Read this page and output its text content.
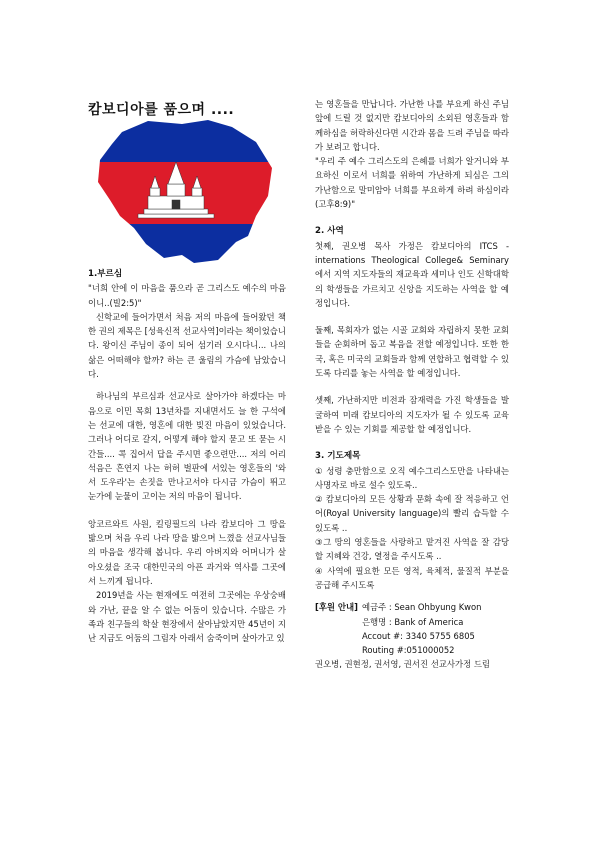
캄보디아를 품으며 ....

1.부르심

"너희 안에 이 마음을 품으라 곧 그리스도 예수의 마음이니..(빌2:5)"

신학교에 들어가면서 처음 저의 마음에 들어왔던 책 한 권의 제목은 [성육신적 선교사역]이라는 책이었습니다. 왕이신 주님이 종이 되어 섬기러 오시다니... 나의 삶은 어떠해야 할까? 하는 큰 울림의 가슴에 남았습니다.

하나님의 부르심과 선교사로 살아가야 하겠다는 마음으로 이민 목회 13년차를 지내면서도 늘 한 구석에는 선교에 대한, 영혼에 대한 빚진 마음이 있었습니다. 그러나 어디로 갈지, 어떻게 해야 할지 묻고 또 묻는 시간들.... 콕 집어서 답을 주시면 좋으련만.... 저의 어리석음은 흔연지 나는 허허 벌판에 서있는 영혼들의 '와서 도우라'는 손짓을 만나고서야 다시금 가슴이 뛰고 눈가에 눈물이 고이는 저의 마음이 됩니다.

앙코르와트 사원, 킬링필드의 나라 캄보디아 그 땅을 밟으며 처음 우리 나라 땅을 밟으며 느꼈을 선교사님들의 마음을 생각해 봅니다. 우리 아버지와 어머니가 살아오셨을 조국 대한민국의 아픈 과거와 역사를 그곳에서 느끼게 됩니다.

2019년을 사는 현재에도 여전히 그곳에는 우상숭배와 가난, 끝을 알 수 없는 어둠이 있습니다. 수많은 가족과 친구들의 학살 현장에서 살아남았지만 45년이 지난 지금도 어둠의 그림자 아래서 숨죽이며 살아가고 있

는 영혼들을 만납니다. 가난한 나를 부요케 하신 주님 앞에 드릴 것 없지만 캄보디아의 소외된 영혼들과 함께하심을 허락하신다면 시간과 몸을 드려 주님을 따라가 보려고 합니다.

"우리 주 예수 그리스도의 은혜를 너희가 알거니와 부요하신 이로서 너희를 위하여 가난하게 되심은 그의 가난함으로 말미암아 너희를 부요하게 하려 하심이라(고후8:9)"

2. 사역

첫째, 권오병 목사 가정은 캄보디아의 ITCS -internations Theological College& Seminary 에서 지역 지도자들의 재교육과 세미나 인도 신학대학의 학생들을 가르치고 신앙을 지도하는 사역을 할 예정입니다.

둘째, 목회자가 없는 시골 교회와 자립하지 못한 교회들을 순회하며 돕고 복음을 전할 예정입니다. 또한 한국, 혹은 미국의 교회들과 함께 연합하고 협력할 수 있도록 다리를 놓는 사역을 할 예정입니다.

셋째, 가난하지만 비전과 잠재력을 가진 학생들을 발굴하여 미래 캄보디아의 지도자가 될 수 있도록 교육받을 수 있는 기회를 제공할 할 예정입니다.

3. 기도제목

① 성령 충만함으로 오직 예수그리스도만을 나타내는 사명자로 바로 설수 있도록..

② 캄보디아의 모든 상황과 문화 속에 잘 적응하고 언어(Royal University language)의 빨리 습득할 수 있도록 ..

③그 땅의 영혼들을 사랑하고 맡겨진 사역을 잘 감당할 지혜와 건강, 열정을 주시도록 ..

④ 사역에 필요한 모든 영적, 육체적, 물질적 부분을 공급해 주시도록

[후원 안내] 예금주 : Sean Ohbyung Kwon

은행명 : Bank of America

Accout #: 3340 5755 6805

Routing #:051000052

권오병, 권현정, 권서영, 권서진 선교사가정 드림
